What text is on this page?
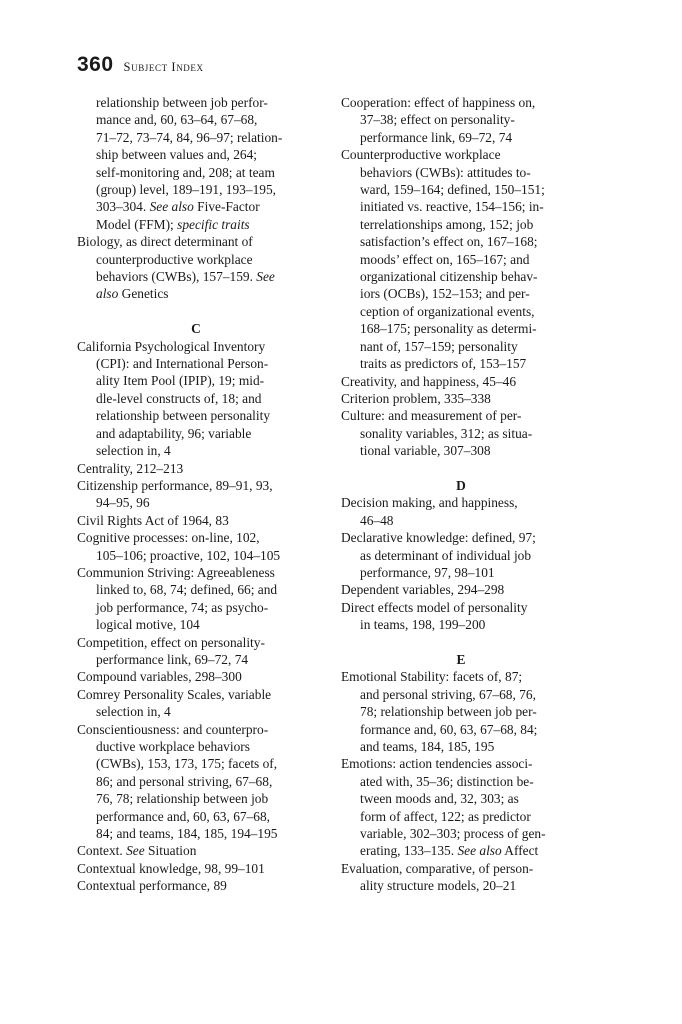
360 Subject Index
relationship between job perfor-
mance and, 60, 63–64, 67–68,
71–72, 73–74, 84, 96–97; relation-
ship between values and, 264;
self-monitoring and, 208; at team
(group) level, 189–191, 193–195,
303–304. See also Five-Factor
Model (FFM); specific traits
Biology, as direct determinant of
counterproductive workplace
behaviors (CWBs), 157–159. See
also Genetics
C
California Psychological Inventory
(CPI): and International Person-
ality Item Pool (IPIP), 19; mid-
dle-level constructs of, 18; and
relationship between personality
and adaptability, 96; variable
selection in, 4
Centrality, 212–213
Citizenship performance, 89–91, 93,
94–95, 96
Civil Rights Act of 1964, 83
Cognitive processes: on-line, 102,
105–106; proactive, 102, 104–105
Communion Striving: Agreeableness
linked to, 68, 74; defined, 66; and
job performance, 74; as psycho-
logical motive, 104
Competition, effect on personality-
performance link, 69–72, 74
Compound variables, 298–300
Comrey Personality Scales, variable
selection in, 4
Conscientiousness: and counterpro-
ductive workplace behaviors
(CWBs), 153, 173, 175; facets of,
86; and personal striving, 67–68,
76, 78; relationship between job
performance and, 60, 63, 67–68,
84; and teams, 184, 185, 194–195
Context. See Situation
Contextual knowledge, 98, 99–101
Contextual performance, 89
Cooperation: effect of happiness on,
37–38; effect on personality-
performance link, 69–72, 74
Counterproductive workplace
behaviors (CWBs): attitudes to-
ward, 159–164; defined, 150–151;
initiated vs. reactive, 154–156; in-
terrelationships among, 152; job
satisfaction’s effect on, 167–168;
moods’ effect on, 165–167; and
organizational citizenship behav-
iors (OCBs), 152–153; and per-
ception of organizational events,
168–175; personality as determi-
nant of, 157–159; personality
traits as predictors of, 153–157
Creativity, and happiness, 45–46
Criterion problem, 335–338
Culture: and measurement of per-
sonality variables, 312; as situa-
tional variable, 307–308
D
Decision making, and happiness,
46–48
Declarative knowledge: defined, 97;
as determinant of individual job
performance, 97, 98–101
Dependent variables, 294–298
Direct effects model of personality
in teams, 198, 199–200
E
Emotional Stability: facets of, 87;
and personal striving, 67–68, 76,
78; relationship between job per-
formance and, 60, 63, 67–68, 84;
and teams, 184, 185, 195
Emotions: action tendencies associ-
ated with, 35–36; distinction be-
tween moods and, 32, 303; as
form of affect, 122; as predictor
variable, 302–303; process of gen-
erating, 133–135. See also Affect
Evaluation, comparative, of person-
ality structure models, 20–21
